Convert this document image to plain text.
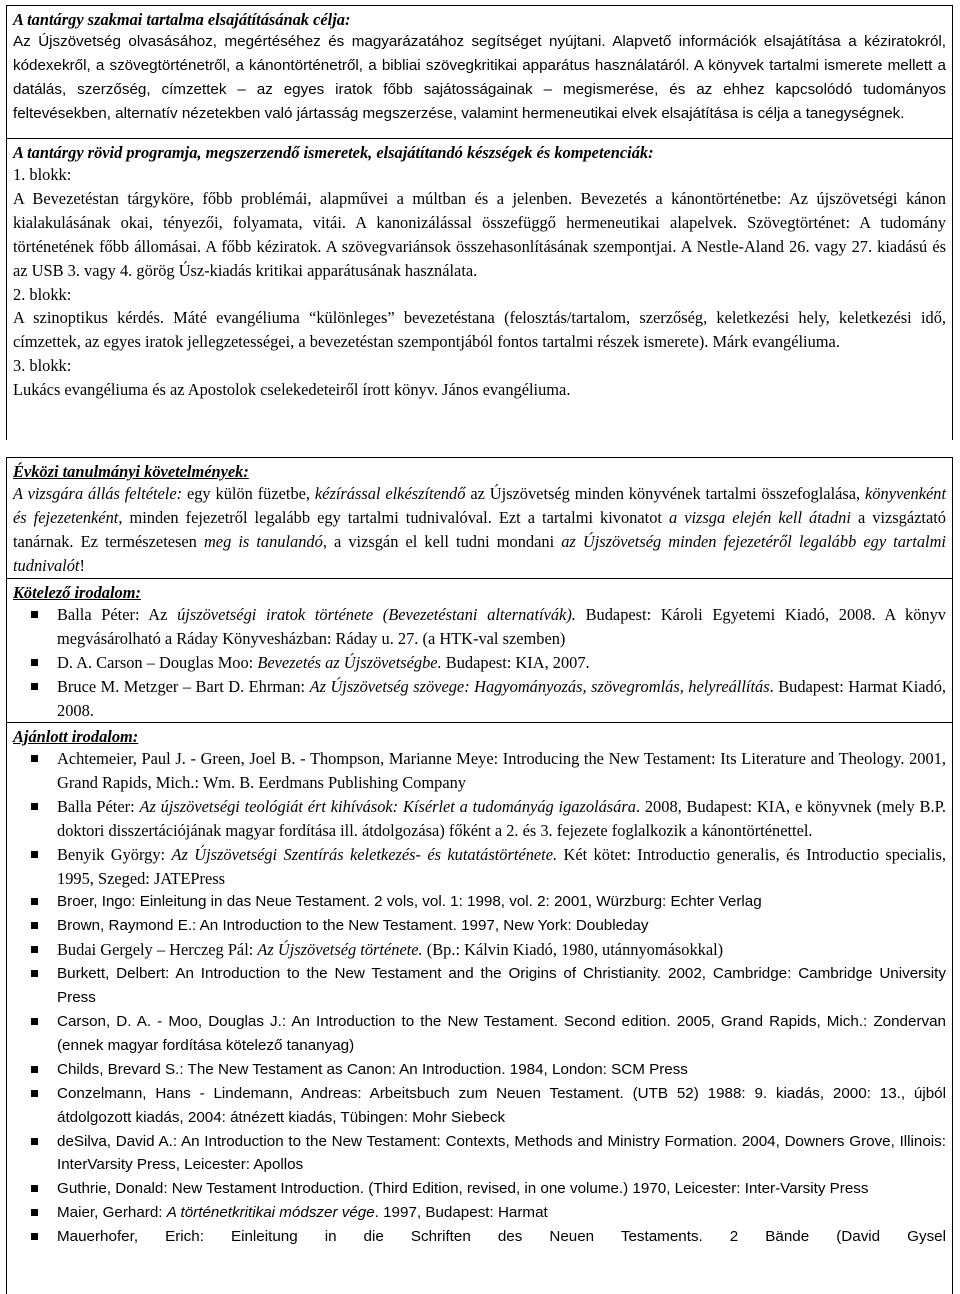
A tantárgy szakmai tartalma elsajátításának célja:
Az Újszövetség olvasásához, megértéséhez és magyarázatához segítséget nyújtani. Alapvető információk elsajátítása a kéziratokról, kódexekről, a szövegtörténetről, a kánontörténetről, a bibliai szövegkritikai apparátus használatáról. A könyvek tartalmi ismerete mellett a datálás, szerzőség, címzettek – az egyes iratok főbb sajátosságainak – megismerése, és az ehhez kapcsolódó tudományos feltevésekben, alternatív nézetekben való jártasság megszerzése, valamint hermeneutikai elvek elsajátítása is célja a tanegységnek.
A tantárgy rövid programja, megszerzendő ismeretek, elsajátítandó készségek és kompetenciák:

1. blokk:

A Bevezetéstan tárgyköre, főbb problémái, alapművei a múltban és a jelenben. Bevezetés a kánontörténetbe: Az újszövetségi kánon kialakulásának okai, tényezői, folyamata, vitái. A kanonizálással összefüggő hermeneutikai alapelvek. Szövegtörténet: A tudomány történetének főbb állomásai. A főbb kéziratok. A szövegvariánsok összehasonlításának szempontjai. A Nestle-Aland 26. vagy 27. kiadású és az USB 3. vagy 4. görög Úsz-kiadás kritikai apparátusának használata.

2. blokk:

A szinoptikus kérdés. Máté evangéliuma “különleges” bevezetéstana (felosztás/tartalom, szerzőség, keletkezési hely, keletkezési idő, címzettek, az egyes iratok jellegzetességei, a bevezetéstan szempontjából fontos tartalmi részek ismerete). Márk evangéliuma.

3. blokk:

Lukács evangéliuma és az Apostolok cselekedeteiről írott könyv. János evangéliuma.

Évközi tanulmányi követelmények:

A vizsgára állás feltétele: egy külön füzetbe, kézírással elkészítendő az Újszövetség minden könyvének tartalmi összefoglalása, könyvenként és fejezetenként, minden fejezetről legalább egy tartalmi tudnivalóval. Ezt a tartalmi kivonatot a vizsga elején kell átadni a vizsgáztató tanárnak. Ez természetesen meg is tanulandó, a vizsgán el kell tudni mondani az Újszövetség minden fejezetéről legalább egy tartalmi tudnivalót!

Kötelező irodalom:
Balla Péter: Az újszövetségi iratok története (Bevezetéstani alternatívák). Budapest: Károli Egyetemi Kiadó, 2008. A könyv megvásárolható a Ráday Könyvesházban: Ráday u. 27. (a HTK-val szemben)
D. A. Carson – Douglas Moo: Bevezetés az Újszövetségbe. Budapest: KIA, 2007.
Bruce M. Metzger – Bart D. Ehrman: Az Újszövetség szövege: Hagyományozás, szövegromlás, helyreállítás. Budapest: Harmat Kiadó, 2008.
Ajánlott irodalom:
Achtemeier, Paul J. - Green, Joel B. - Thompson, Marianne Meye: Introducing the New Testament: Its Literature and Theology. 2001, Grand Rapids, Mich.: Wm. B. Eerdmans Publishing Company
Balla Péter: Az újszövetségi teológiát ért kihívások: Kísérlet a tudományág igazolására. 2008, Budapest: KIA, e könyvnek (mely B.P. doktori disszertációjának magyar fordítása ill. átdolgozása) főként a 2. és 3. fejezete foglalkozik a kánontörténettel.
Benyik György: Az Újszövetségi Szentírás keletkezés- és kutatástörténete. Két kötet: Introductio generalis, és Introductio specialis, 1995, Szeged: JATEPress
Broer, Ingo: Einleitung in das Neue Testament. 2 vols, vol. 1: 1998, vol. 2: 2001, Würzburg: Echter Verlag
Brown, Raymond E.: An Introduction to the New Testament. 1997, New York: Doubleday
Budai Gergely – Herczeg Pál: Az Újszövetség története. (Bp.: Kálvin Kiadó, 1980, utánnyomásokkal)
Burkett, Delbert: An Introduction to the New Testament and the Origins of Christianity. 2002, Cambridge: Cambridge University Press
Carson, D. A. - Moo, Douglas J.: An Introduction to the New Testament. Second edition. 2005, Grand Rapids, Mich.: Zondervan (ennek magyar fordítása kötelező tananyag)
Childs, Brevard S.: The New Testament as Canon: An Introduction. 1984, London: SCM Press
Conzelmann, Hans - Lindemann, Andreas: Arbeitsbuch zum Neuen Testament. (UTB 52) 1988: 9. kiadás, 2000: 13., újból átdolgozott kiadás, 2004: átnézett kiadás, Tübingen: Mohr Siebeck
deSilva, David A.: An Introduction to the New Testament: Contexts, Methods and Ministry Formation. 2004, Downers Grove, Illinois: InterVarsity Press, Leicester: Apollos
Guthrie, Donald: New Testament Introduction. (Third Edition, revised, in one volume.) 1970, Leicester: Inter-Varsity Press
Maier, Gerhard: A történetkritikai módszer vége. 1997, Budapest: Harmat
Mauerhofer, Erich: Einleitung in die Schriften des Neuen Testaments. 2 Bände (David Gysel
